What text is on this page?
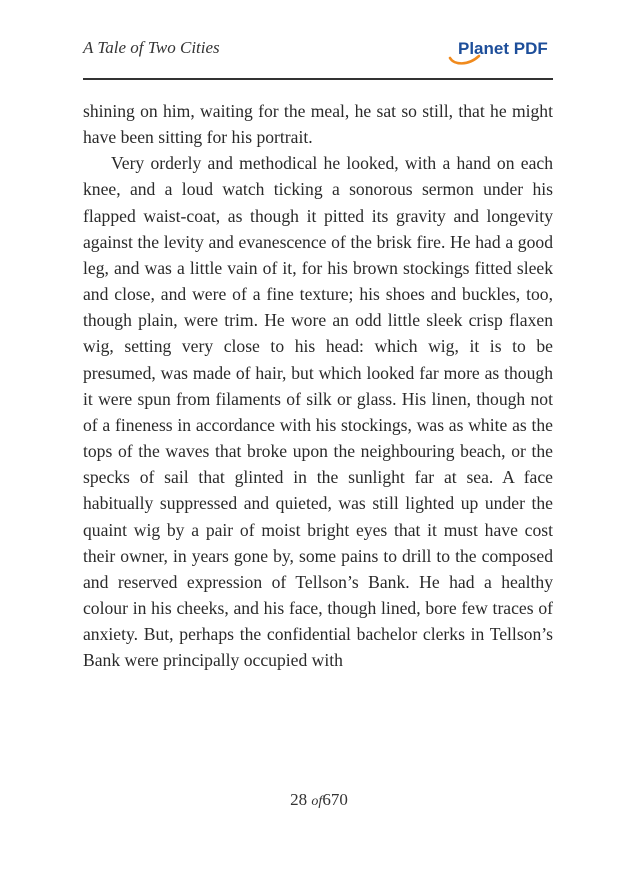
A Tale of Two Cities	Planet PDF

shining on him, waiting for the meal, he sat so still, that he might have been sitting for his portrait.

Very orderly and methodical he looked, with a hand on each knee, and a loud watch ticking a sonorous sermon under his flapped waist-coat, as though it pitted its gravity and longevity against the levity and evanescence of the brisk fire. He had a good leg, and was a little vain of it, for his brown stockings fitted sleek and close, and were of a fine texture; his shoes and buckles, too, though plain, were trim. He wore an odd little sleek crisp flaxen wig, setting very close to his head: which wig, it is to be presumed, was made of hair, but which looked far more as though it were spun from filaments of silk or glass. His linen, though not of a fineness in accordance with his stockings, was as white as the tops of the waves that broke upon the neighbouring beach, or the specks of sail that glinted in the sunlight far at sea. A face habitually suppressed and quieted, was still lighted up under the quaint wig by a pair of moist bright eyes that it must have cost their owner, in years gone by, some pains to drill to the composed and reserved expression of Tellson’s Bank. He had a healthy colour in his cheeks, and his face, though lined, bore few traces of anxiety. But, perhaps the confidential bachelor clerks in Tellson’s Bank were principally occupied with

28 of670
